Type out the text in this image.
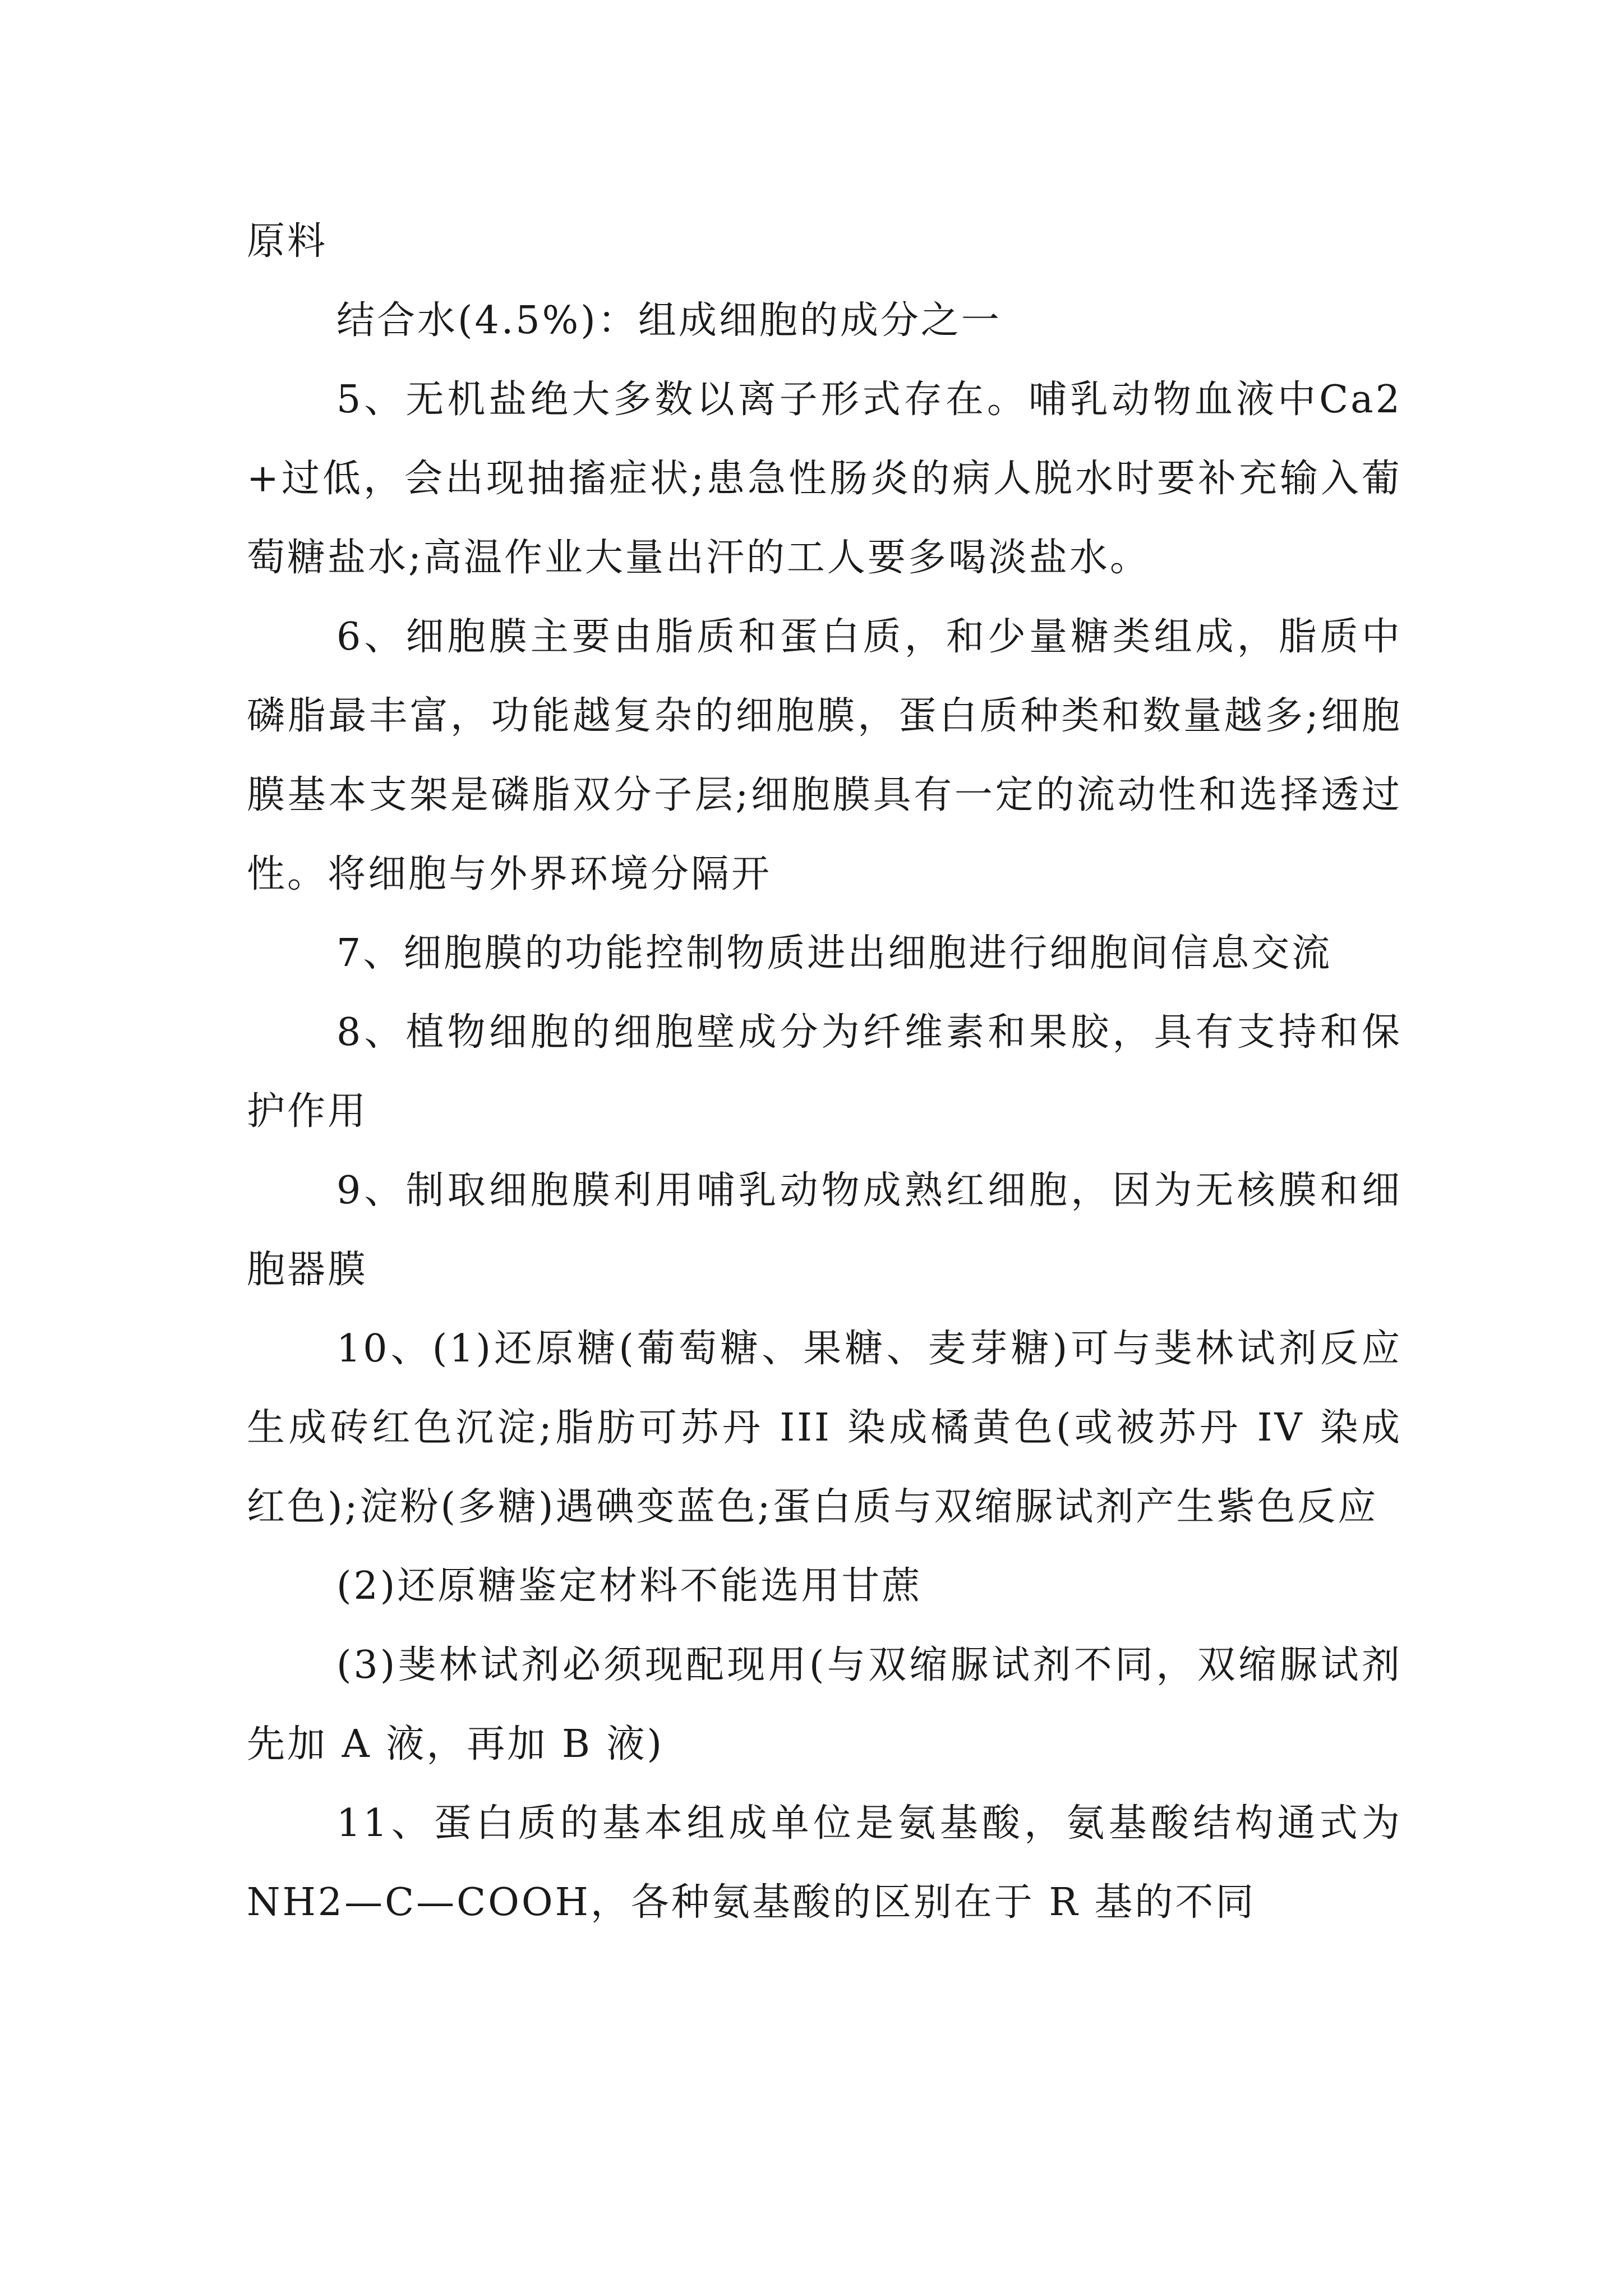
原料

结合水(4.5%)：组成细胞的成分之一

5、无机盐绝大多数以离子形式存在。哺乳动物血液中Ca2+过低，会出现抽搐症状;患急性肠炎的病人脱水时要补充输入葡萄糖盐水;高温作业大量出汗的工人要多喝淡盐水。

6、细胞膜主要由脂质和蛋白质，和少量糖类组成，脂质中磷脂最丰富，功能越复杂的细胞膜，蛋白质种类和数量越多;细胞膜基本支架是磷脂双分子层;细胞膜具有一定的流动性和选择透过性。将细胞与外界环境分隔开

7、细胞膜的功能控制物质进出细胞进行细胞间信息交流

8、植物细胞的细胞壁成分为纤维素和果胶，具有支持和保护作用

9、制取细胞膜利用哺乳动物成熟红细胞，因为无核膜和细胞器膜

10、(1)还原糖(葡萄糖、果糖、麦芽糖)可与斐林试剂反应生成砖红色沉淀;脂肪可苏丹 III 染成橘黄色(或被苏丹 IV 染成红色);淀粉(多糖)遇碘变蓝色;蛋白质与双缩脲试剂产生紫色反应

(2)还原糖鉴定材料不能选用甘蔗

(3)斐林试剂必须现配现用(与双缩脲试剂不同，双缩脲试剂先加 A 液，再加 B 液)

11、蛋白质的基本组成单位是氨基酸，氨基酸结构通式为 NH2—C—COOH，各种氨基酸的区别在于 R 基的不同
